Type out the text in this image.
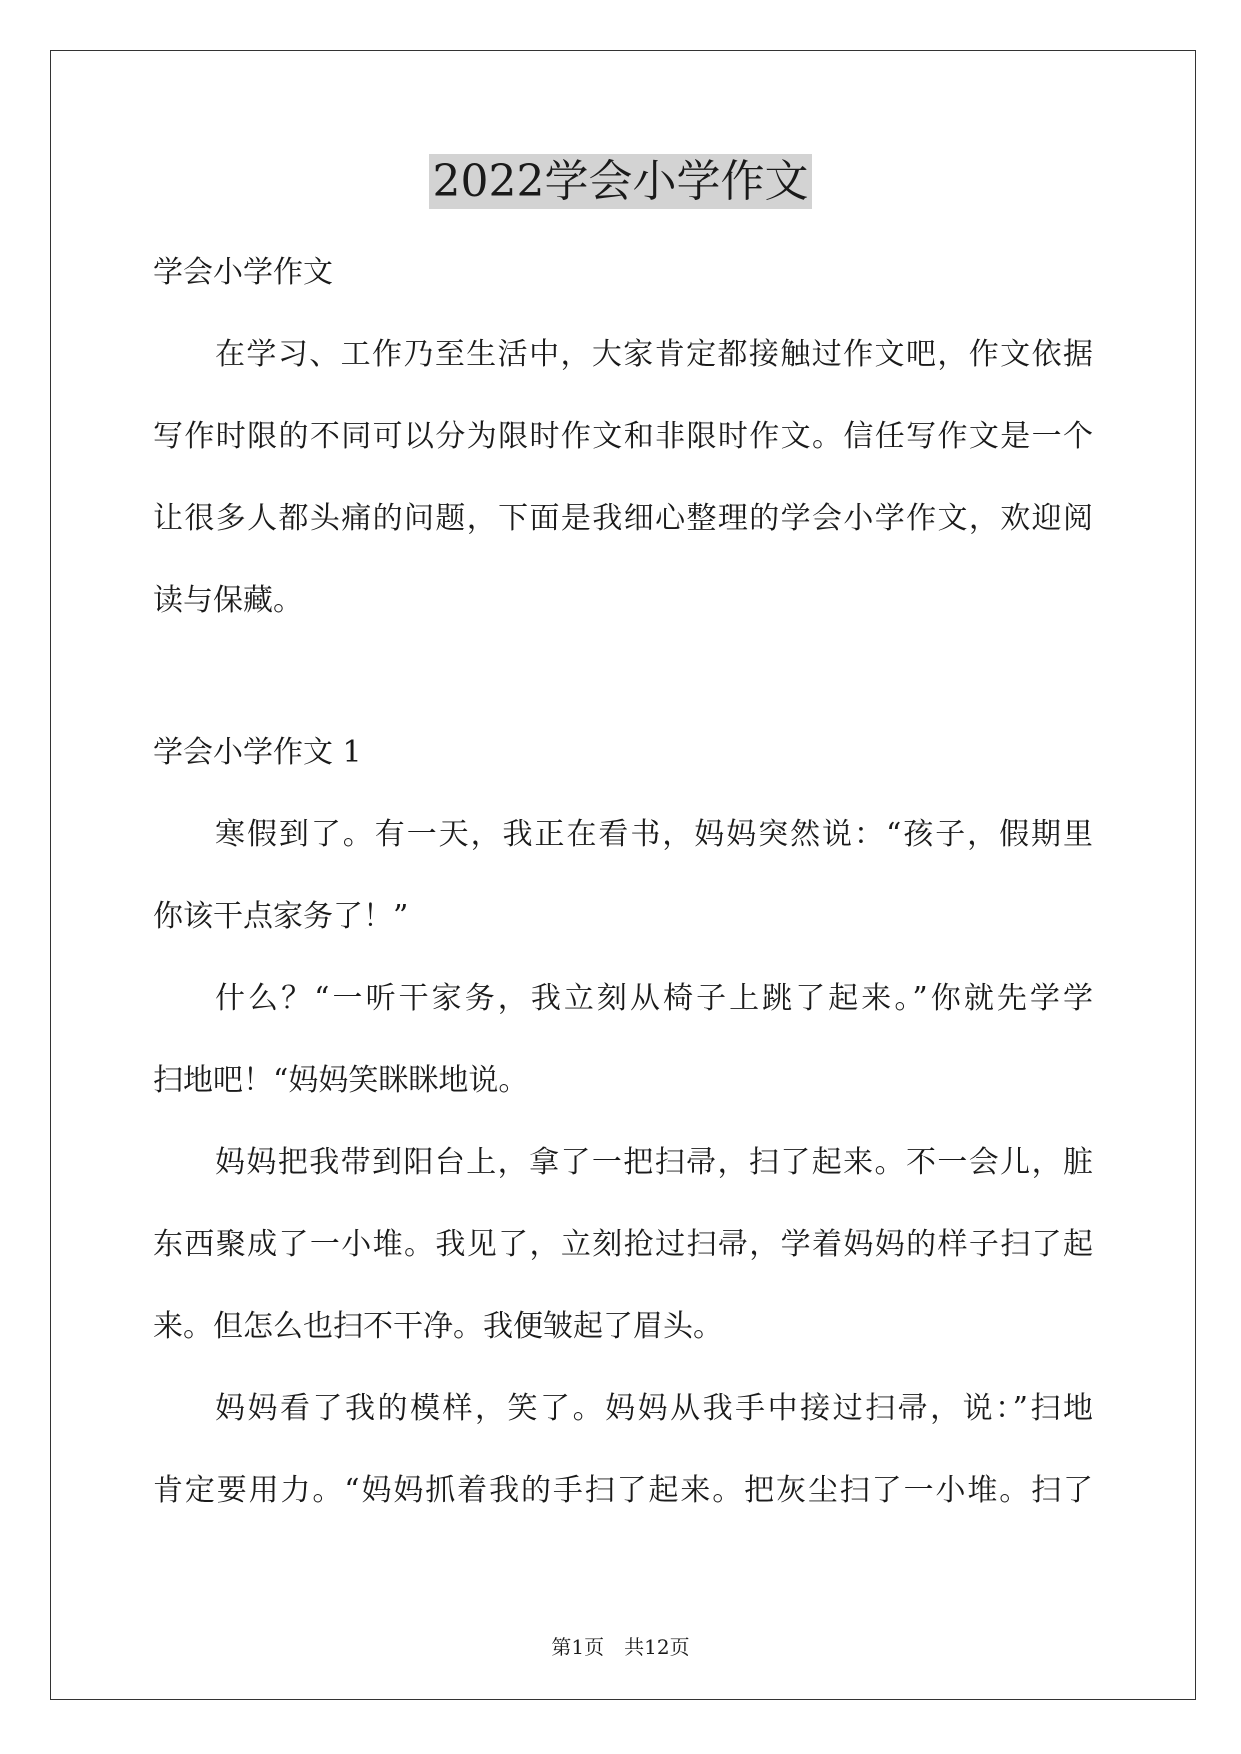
2022学会小学作文

学会小学作文

在学习、工作乃至生活中，大家肯定都接触过作文吧，作文依据

写作时限的不同可以分为限时作文和非限时作文。信任写作文是一个

让很多人都头痛的问题，下面是我细心整理的学会小学作文，欢迎阅

读与保藏。

学会小学作文 1

寒假到了。有一天，我正在看书，妈妈突然说：“孩子，假期里

你该干点家务了！”

什么？“一听干家务，我立刻从椅子上跳了起来。”你就先学学

扫地吧！“妈妈笑眯眯地说。

妈妈把我带到阳台上，拿了一把扫帚，扫了起来。不一会儿，脏

东西聚成了一小堆。我见了，立刻抢过扫帚，学着妈妈的样子扫了起

来。但怎么也扫不干净。我便皱起了眉头。

妈妈看了我的模样，笑了。妈妈从我手中接过扫帚，说：”扫地

肯定要用力。“妈妈抓着我的手扫了起来。把灰尘扫了一小堆。扫了

第1页　共12页
